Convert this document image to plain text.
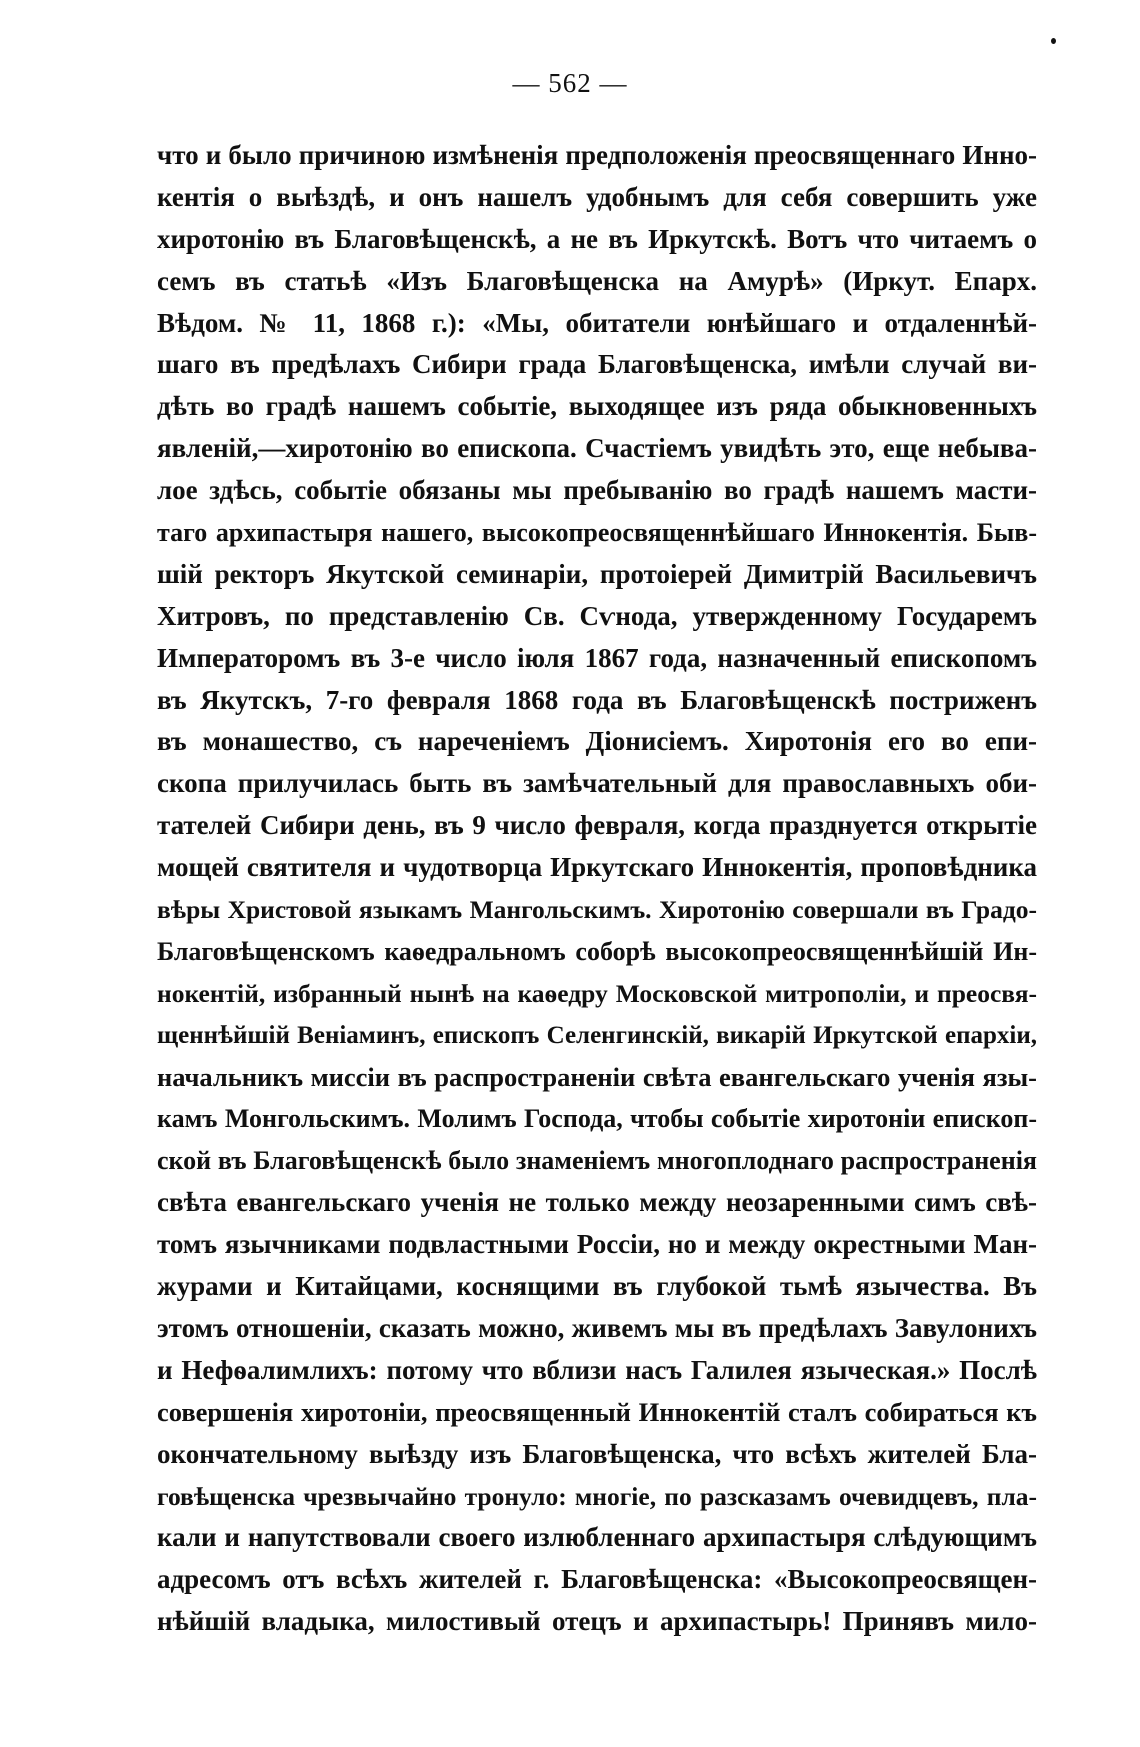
— 562 —
что и было причиною измѣненія предположенія преосвященнаго Инно-
кентія о выѣздѣ, и онъ нашелъ удобнымъ для себя совершить уже
хиротонію въ Благовѣщенскѣ, а не въ Иркутскѣ. Вотъ что читаемъ о
семъ въ статьѣ «Изъ Благовѣщенска на Амурѣ» (Иркут. Епарх.
Вѣдом. № 11, 1868 г.): «Мы, обитатели юнѣйшаго и отдаленнѣй-
шаго въ предѣлахъ Сибири града Благовѣщенска, имѣли случай ви-
дѣть во градѣ нашемъ событіе, выходящее изъ ряда обыкновенныхъ
явленій,—хиротонію во епископа. Счастіемъ увидѣть это, еще небыва-
лое здѣсь, событіе обязаны мы пребыванію во градѣ нашемъ масти-
таго архипастыря нашего, высокопреосвященнѣйшаго Иннокентія. Быв-
шій ректоръ Якутской семинаріи, протоіерей Димитрій Васильевичъ
Хитровъ, по представленію Св. Сѵнода, утвержденному Государемъ
Императоромъ въ 3-е число іюля 1867 года, назначенный епископомъ
въ Якутскъ, 7-го февраля 1868 года въ Благовѣщенскѣ постриженъ
въ монашество, съ нареченіемъ Діонисіемъ. Хиротонія его во епи-
скопа прилучилась быть въ замѣчательный для православныхъ оби-
тателей Сибири день, въ 9 число февраля, когда празднуется открытіе
мощей святителя и чудотворца Иркутскаго Иннокентія, проповѣдника
вѣры Христовой языкамъ Мангольскимъ. Хиротонію совершали въ Градо-
Благовѣщенскомъ каѳедральномъ соборѣ высокопреосвященнѣйшій Ин-
нокентій, избранный нынѣ на каѳедру Московской митрополіи, и преосвя-
щеннѣйшій Веніаминъ, епископъ Селенгинскій, викарій Иркутской епархіи,
начальникъ миссіи въ распространеніи свѣта евангельскаго ученія язы-
камъ Монгольскимъ. Молимъ Господа, чтобы событіе хиротоніи епископ-
ской въ Благовѣщенскѣ было знаменіемъ многоплоднаго распространенія
свѣта евангельскаго ученія не только между неозаренными симъ свѣ-
томъ язычниками подвластными Россіи, но и между окрестными Ман-
журами и Китайцами, коснящими въ глубокой тьмѣ язычества. Въ
этомъ отношеніи, сказать можно, живемъ мы въ предѣлахъ Завулонихъ
и Нефѳалимлихъ: потому что вблизи насъ Галилея языческая.» Послѣ
совершенія хиротоніи, преосвященный Иннокентій сталъ собираться къ
окончательному выѣзду изъ Благовѣщенска, что всѣхъ жителей Бла-
говѣщенска чрезвычайно тронуло: многіе, по разсказамъ очевидцевъ, пла-
кали и напутствовали своего излюбленнаго архипастыря слѣдующимъ
адресомъ отъ всѣхъ жителей г. Благовѣщенска: «Высокопреосвящен-
нѣйшій владыка, милостивый отецъ и архипастырь! Принявъ мило-
